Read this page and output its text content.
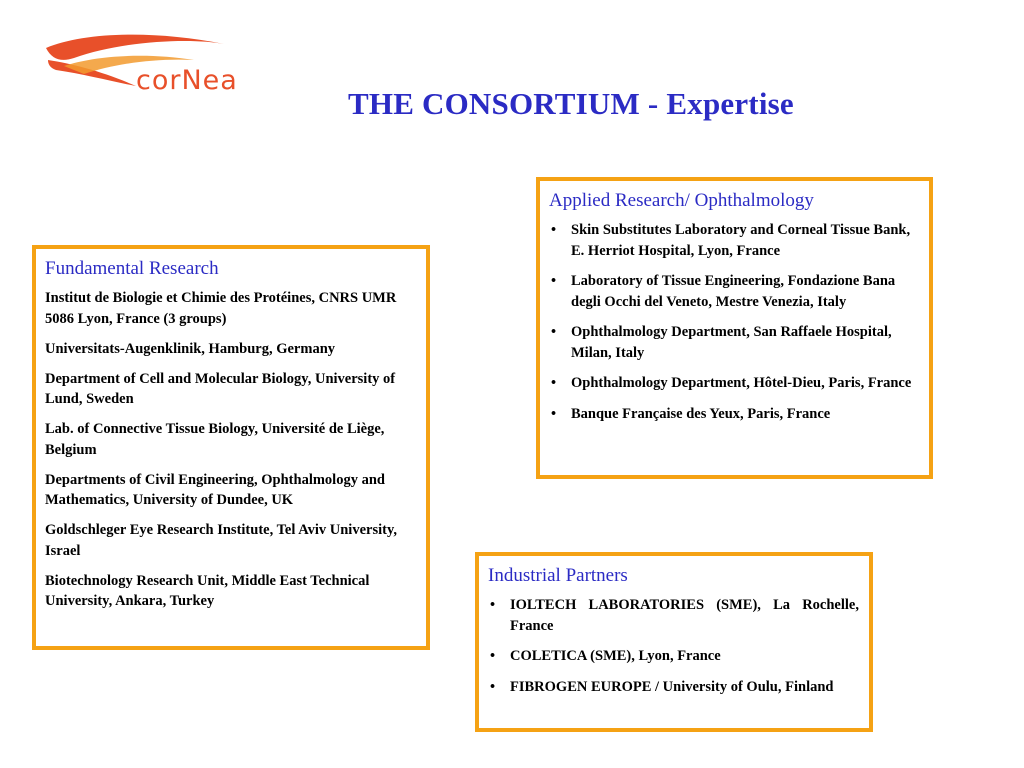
corNea
THE CONSORTIUM - Expertise
Fundamental Research
Institut de Biologie et Chimie des Protéines, CNRS UMR 5086 Lyon, France (3 groups)
Universitats-Augenklinik, Hamburg, Germany
Department of Cell and Molecular Biology, University of Lund, Sweden
Lab. of Connective Tissue Biology, Université de Liège, Belgium
Departments of Civil Engineering, Ophthalmology and Mathematics, University of Dundee, UK
Goldschleger Eye Research Institute, Tel Aviv University, Israel
Biotechnology Research Unit, Middle East Technical University, Ankara, Turkey
Applied Research/ Ophthalmology
• Skin Substitutes Laboratory and Corneal Tissue Bank, E. Herriot Hospital, Lyon, France
• Laboratory of Tissue Engineering, Fondazione Bana degli Occhi del Veneto, Mestre Venezia, Italy
• Ophthalmology Department, San Raffaele Hospital, Milan, Italy
• Ophthalmology Department, Hôtel-Dieu, Paris, France
• Banque Française des Yeux, Paris, France
Industrial Partners
• IOLTECH LABORATORIES (SME), La Rochelle, France
• COLETICA (SME), Lyon, France
• FIBROGEN EUROPE / University of Oulu, Finland
